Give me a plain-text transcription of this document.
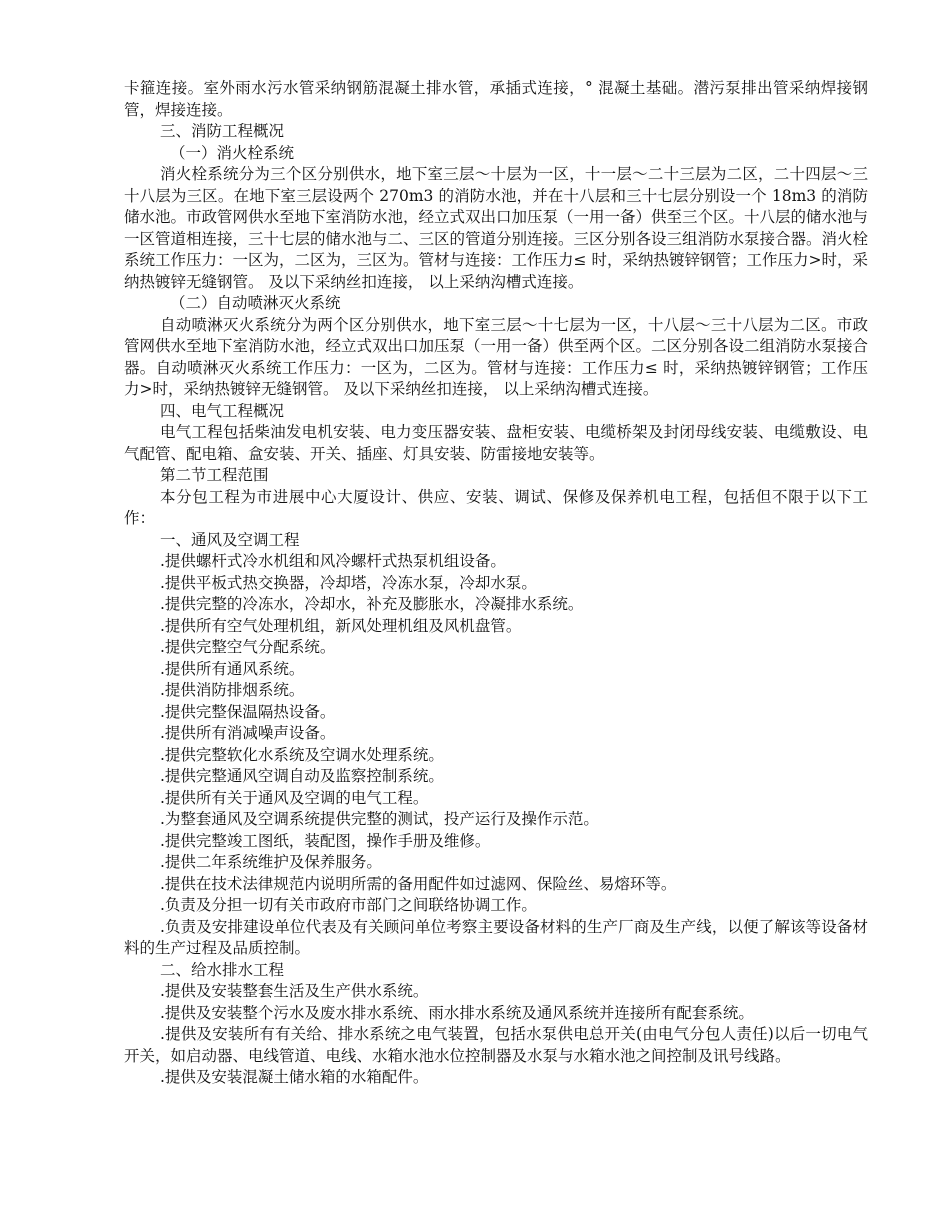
卡箍连接。室外雨水污水管采纳钢筋混凝土排水管，承插式连接，° 混凝土基础。潜污泵排出管采纳焊接钢管，焊接连接。

三、消防工程概况

（一）消火栓系统

消火栓系统分为三个区分别供水，地下室三层～十层为一区，十一层～二十三层为二区，二十四层～三十八层为三区。在地下室三层设两个 270m3 的消防水池，并在十八层和三十七层分别设一个 18m3 的消防储水池。市政管网供水至地下室消防水池，经立式双出口加压泵（一用一备）供至三个区。十八层的储水池与一区管道相连接，三十七层的储水池与二、三区的管道分别连接。三区分别各设三组消防水泵接合器。消火栓系统工作压力：一区为，二区为，三区为。管材与连接：工作压力≤ 时，采纳热镀锌钢管；工作压力>时，采纳热镀锌无缝钢管。 及以下采纳丝扣连接， 以上采纳沟槽式连接。

（二）自动喷淋灭火系统

自动喷淋灭火系统分为两个区分别供水，地下室三层～十七层为一区，十八层～三十八层为二区。市政管网供水至地下室消防水池，经立式双出口加压泵（一用一备）供至两个区。二区分别各设二组消防水泵接合器。自动喷淋灭火系统工作压力：一区为，二区为。管材与连接：工作压力≤ 时，采纳热镀锌钢管；工作压力>时，采纳热镀锌无缝钢管。 及以下采纳丝扣连接， 以上采纳沟槽式连接。

四、电气工程概况

电气工程包括柴油发电机安装、电力变压器安装、盘柜安装、电缆桥架及封闭母线安装、电缆敷设、电气配管、配电箱、盒安装、开关、插座、灯具安装、防雷接地安装等。

第二节工程范围

本分包工程为市进展中心大厦设计、供应、安装、调试、保修及保养机电工程，包括但不限于以下工作：

一、通风及空调工程

.提供螺杆式冷水机组和风冷螺杆式热泵机组设备。

.提供平板式热交换器，冷却塔，冷冻水泵，冷却水泵。

.提供完整的冷冻水，冷却水，补充及膨胀水，冷凝排水系统。

.提供所有空气处理机组，新风处理机组及风机盘管。

.提供完整空气分配系统。

.提供所有通风系统。

.提供消防排烟系统。

.提供完整保温隔热设备。

.提供所有消减噪声设备。

.提供完整软化水系统及空调水处理系统。

.提供完整通风空调自动及监察控制系统。

.提供所有关于通风及空调的电气工程。

.为整套通风及空调系统提供完整的测试，投产运行及操作示范。

.提供完整竣工图纸，装配图，操作手册及维修。

.提供二年系统维护及保养服务。

.提供在技术法律规范内说明所需的备用配件如过滤网、保险丝、易熔环等。

.负责及分担一切有关市政府市部门之间联络协调工作。

.负责及安排建设单位代表及有关顾问单位考察主要设备材料的生产厂商及生产线，以便了解该等设备材料的生产过程及品质控制。

二、给水排水工程

.提供及安装整套生活及生产供水系统。

.提供及安装整个污水及废水排水系统、雨水排水系统及通风系统并连接所有配套系统。

.提供及安装所有有关给、排水系统之电气装置，包括水泵供电总开关(由电气分包人责任)以后一切电气开关，如启动器、电线管道、电线、水箱水池水位控制器及水泵与水箱水池之间控制及讯号线路。

.提供及安装混凝土储水箱的水箱配件。
